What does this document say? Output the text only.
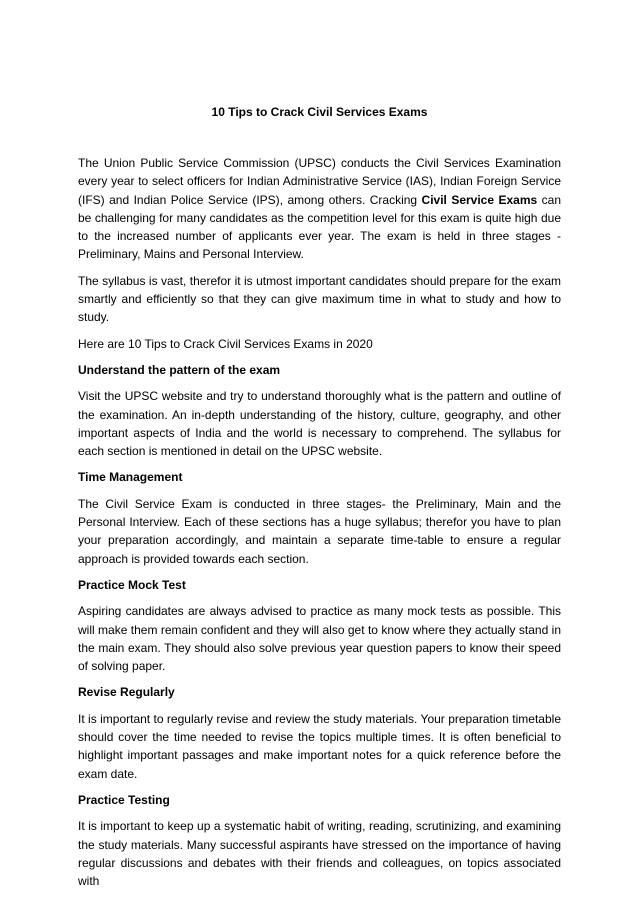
10 Tips to Crack Civil Services Exams

The Union Public Service Commission (UPSC) conducts the Civil Services Examination every year to select officers for Indian Administrative Service (IAS), Indian Foreign Service (IFS) and Indian Police Service (IPS), among others. Cracking Civil Service Exams can be challenging for many candidates as the competition level for this exam is quite high due to the increased number of applicants ever year. The exam is held in three stages - Preliminary, Mains and Personal Interview.

The syllabus is vast, therefor it is utmost important candidates should prepare for the exam smartly and efficiently so that they can give maximum time in what to study and how to study.

Here are 10 Tips to Crack Civil Services Exams in 2020

Understand the pattern of the exam

Visit the UPSC website and try to understand thoroughly what is the pattern and outline of the examination. An in-depth understanding of the history, culture, geography, and other important aspects of India and the world is necessary to comprehend. The syllabus for each section is mentioned in detail on the UPSC website.

Time Management

The Civil Service Exam is conducted in three stages- the Preliminary, Main and the Personal Interview. Each of these sections has a huge syllabus; therefor you have to plan your preparation accordingly, and maintain a separate time-table to ensure a regular approach is provided towards each section.

Practice Mock Test

Aspiring candidates are always advised to practice as many mock tests as possible. This will make them remain confident and they will also get to know where they actually stand in the main exam. They should also solve previous year question papers to know their speed of solving paper.

Revise Regularly

It is important to regularly revise and review the study materials. Your preparation timetable should cover the time needed to revise the topics multiple times. It is often beneficial to highlight important passages and make important notes for a quick reference before the exam date.

Practice Testing

It is important to keep up a systematic habit of writing, reading, scrutinizing, and examining the study materials. Many successful aspirants have stressed on the importance of having regular discussions and debates with their friends and colleagues, on topics associated with
